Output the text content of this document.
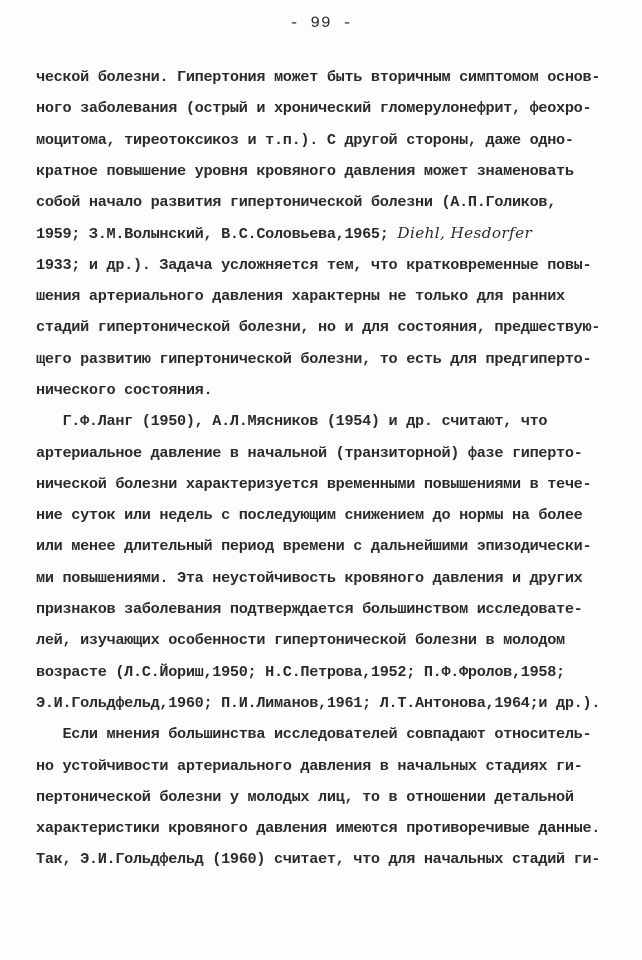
- 99 -
ческой болезни. Гипертония может быть вторичным симптомом основ-
ного заболевания (острый и хронический гломерулонефрит, феохро-
моцитома, тиреотоксикоз и т.п.). С другой стороны, даже одно-
кратное повышение уровня кровяного давления может знаменовать
собой начало развития гипертонической болезни (А.П.Голиков,
1959; З.М.Волынский, В.С.Соловьева,1965; Diehl, Hesdorfer
1933; и др.). Задача усложняется тем, что кратковременные повы-
шения артериального давления характерны не только для ранних
стадий гипертонической болезни, но и для состояния, предшествую-
щего развитию гипертонической болезни, то есть для предгиперто-
нического состояния.
Г.Ф.Ланг (1950), А.Л.Мясников (1954) и др. считают, что
артериальное давление в начальной (транзиторной) фазе гиперто-
нической болезни характеризуется временными повышениями в тече-
ние суток или недель с последующим снижением до нормы на более
или менее длительный период времени с дальнейшими эпизодически-
ми повышениями. Эта неустойчивость кровяного давления и других
признаков заболевания подтверждается большинством исследовате-
лей, изучающих особенности гипертонической болезни в молодом
возрасте (Л.С.Йориш,1950; Н.С.Петрова,1952; П.Ф.Фролов,1958;
Э.И.Гольдфельд,1960; П.И.Лиманов,1961; Л.Т.Антонова,1964;и др.).
Если мнения большинства исследователей совпадают относитель-
но устойчивости артериального давления в начальных стадиях ги-
пертонической болезни у молодых лиц, то в отношении детальной
характеристики кровяного давления имеются противоречивые данные.
Так, Э.И.Гольдфельд (1960) считает, что для начальных стадий ги-
